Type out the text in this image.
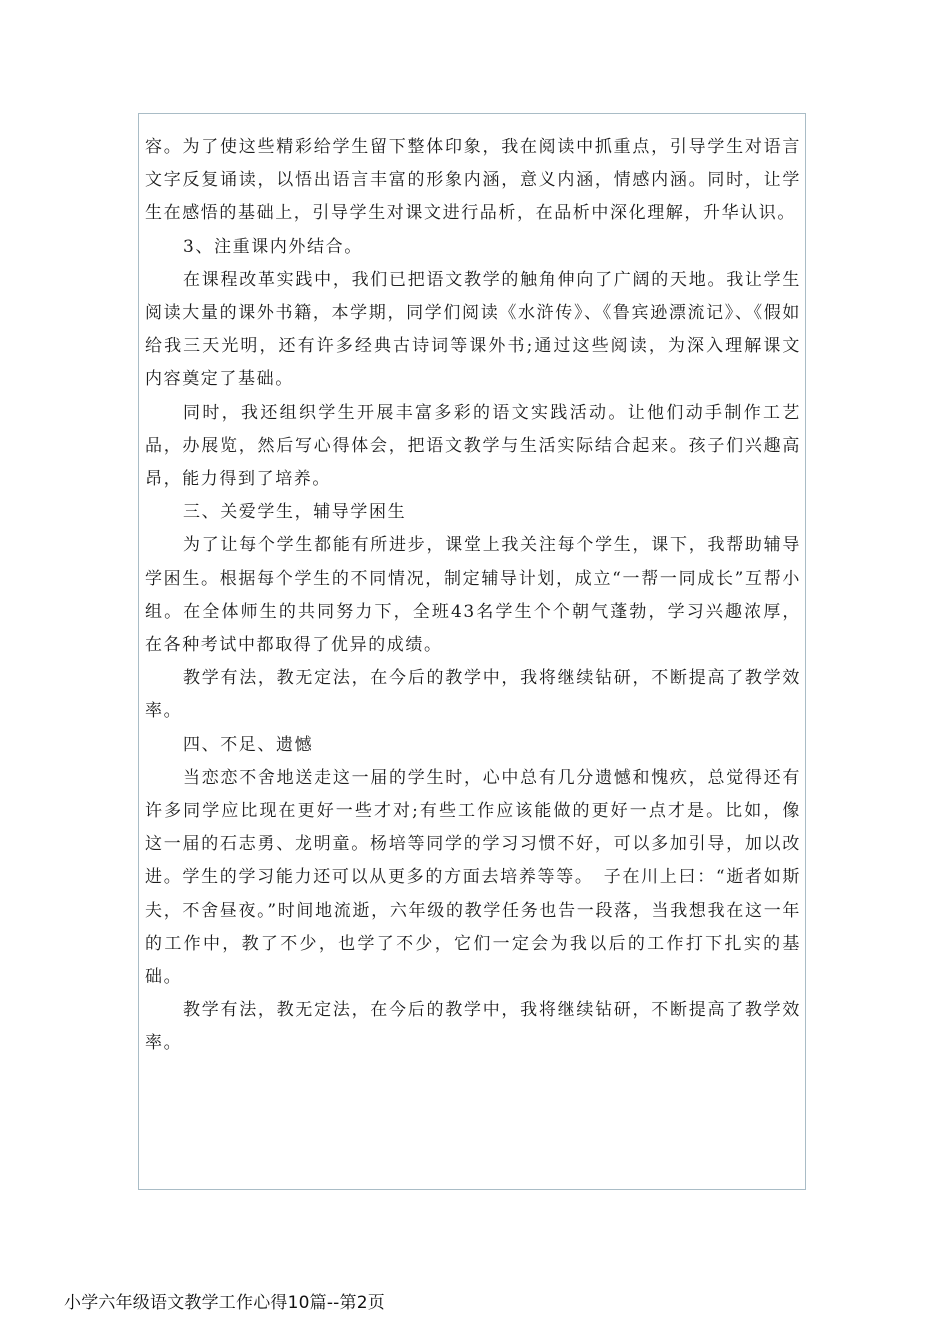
容。为了使这些精彩给学生留下整体印象，我在阅读中抓重点，引导学生对语言文字反复诵读，以悟出语言丰富的形象内涵，意义内涵，情感内涵。同时，让学生在感悟的基础上，引导学生对课文进行品析，在品析中深化理解，升华认识。

3、注重课内外结合。

在课程改革实践中，我们已把语文教学的触角伸向了广阔的天地。我让学生阅读大量的课外书籍，本学期，同学们阅读《水浒传》、《鲁宾逊漂流记》、《假如给我三天光明，还有许多经典古诗词等课外书;通过这些阅读，为深入理解课文内容奠定了基础。

同时，我还组织学生开展丰富多彩的语文实践活动。让他们动手制作工艺品，办展览，然后写心得体会，把语文教学与生活实际结合起来。孩子们兴趣高昂，能力得到了培养。

三、关爱学生，辅导学困生

为了让每个学生都能有所进步，课堂上我关注每个学生，课下，我帮助辅导学困生。根据每个学生的不同情况，制定辅导计划，成立“一帮一同成长”互帮小组。在全体师生的共同努力下，全班43名学生个个朝气蓬勃，学习兴趣浓厚，在各种考试中都取得了优异的成绩。

教学有法，教无定法，在今后的教学中，我将继续钻研，不断提高了教学效率。

四、不足、遗憾

当恋恋不舍地送走这一届的学生时，心中总有几分遗憾和愧疚，总觉得还有许多同学应比现在更好一些才对;有些工作应该能做的更好一点才是。比如，像这一届的石志勇、龙明童。杨培等同学的学习习惯不好，可以多加引导，加以改进。学生的学习能力还可以从更多的方面去培养等等。　子在川上曰：“逝者如斯夫，不舍昼夜。”时间地流逝，六年级的教学任务也告一段落，当我想我在这一年的工作中，教了不少，也学了不少，它们一定会为我以后的工作打下扎实的基础。

教学有法，教无定法，在今后的教学中，我将继续钻研，不断提高了教学效率。

小学六年级语文教学工作心得10篇--第2页
